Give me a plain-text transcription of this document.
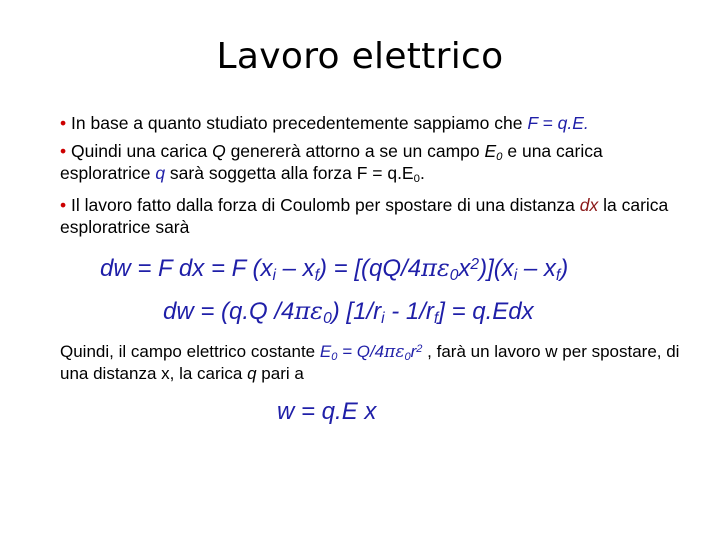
Lavoro elettrico
• In base a quanto studiato precedentemente sappiamo che F = q.E.
• Quindi una carica Q genererà attorno a se un campo $E_0$ e una carica esploratrice q sarà soggetta alla forza $F = q.E_0$.
• Il lavoro fatto dalla forza di Coulomb per spostare di una distanza dx la carica esploratrice sarà
dw = F dx = F $(x_i - x_f) = [(qQ/4\pi\varepsilon_0x^2)](x_i - x_f)$
dw = (q.Q $/4\pi\varepsilon_0$) $[1/r_i - 1/r_f] = q.Edx$
Quindi, il campo elettrico costante $E_0 = Q/4\pi\varepsilon_0r^2$ , farà un lavoro w per spostare, di una distanza x, la carica q pari a
w = q.E x
